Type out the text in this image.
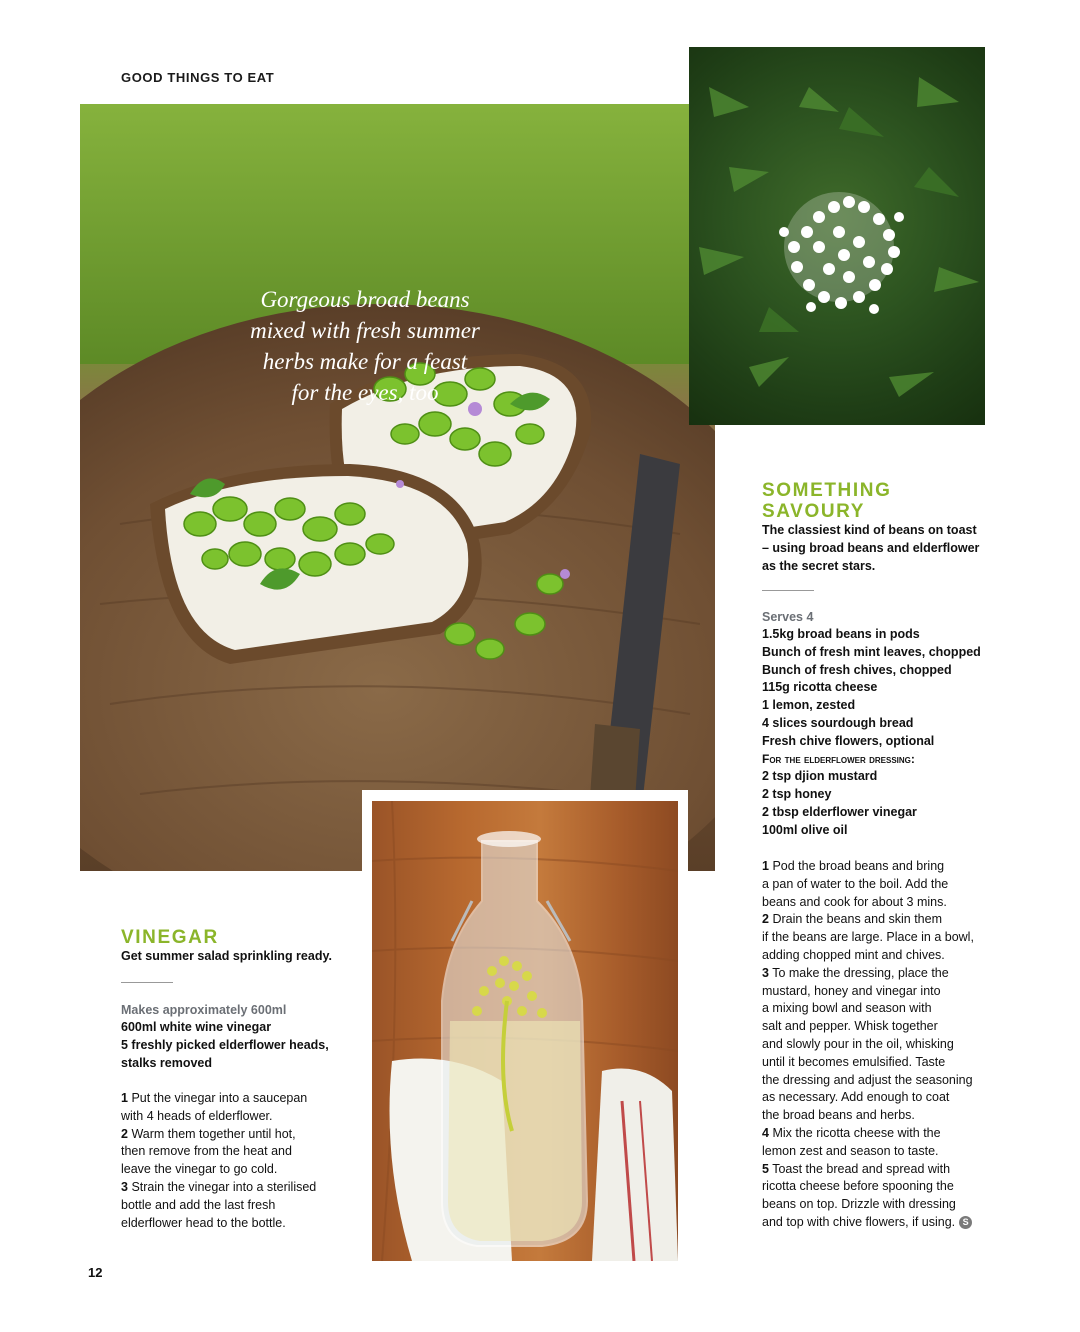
GOOD THINGS TO EAT
Gorgeous broad beans
mixed with fresh summer
herbs make for a feast
for the eyes, too
SOMETHING
SAVOURY
The classiest kind of beans on toast
– using broad beans and elderflower
as the secret stars.
Serves 4
1.5kg broad beans in pods
Bunch of fresh mint leaves, chopped
Bunch of fresh chives, chopped
115g ricotta cheese
1 lemon, zested
4 slices sourdough bread
Fresh chive flowers, optional
For the elderflower dressing:
2 tsp djion mustard
2 tsp honey
2 tbsp elderflower vinegar
100ml olive oil
1 Pod the broad beans and bring
a pan of water to the boil. Add the
beans and cook for about 3 mins.
2 Drain the beans and skin them
if the beans are large. Place in a bowl,
adding chopped mint and chives.
3 To make the dressing, place the
mustard, honey and vinegar into
a mixing bowl and season with
salt and pepper. Whisk together
and slowly pour in the oil, whisking
until it becomes emulsified. Taste
the dressing and adjust the seasoning
as necessary. Add enough to coat
the broad beans and herbs.
4 Mix the ricotta cheese with the
lemon zest and season to taste.
5 Toast the bread and spread with
ricotta cheese before spooning the
beans on top. Drizzle with dressing
and top with chive flowers, if using. S
VINEGAR
Get summer salad sprinkling ready.
Makes approximately 600ml
600ml white wine vinegar
5 freshly picked elderflower heads,
stalks removed
1 Put the vinegar into a saucepan
with 4 heads of elderflower.
2 Warm them together until hot,
then remove from the heat and
leave the vinegar to go cold.
3 Strain the vinegar into a sterilised
bottle and add the last fresh
elderflower head to the bottle.
12
